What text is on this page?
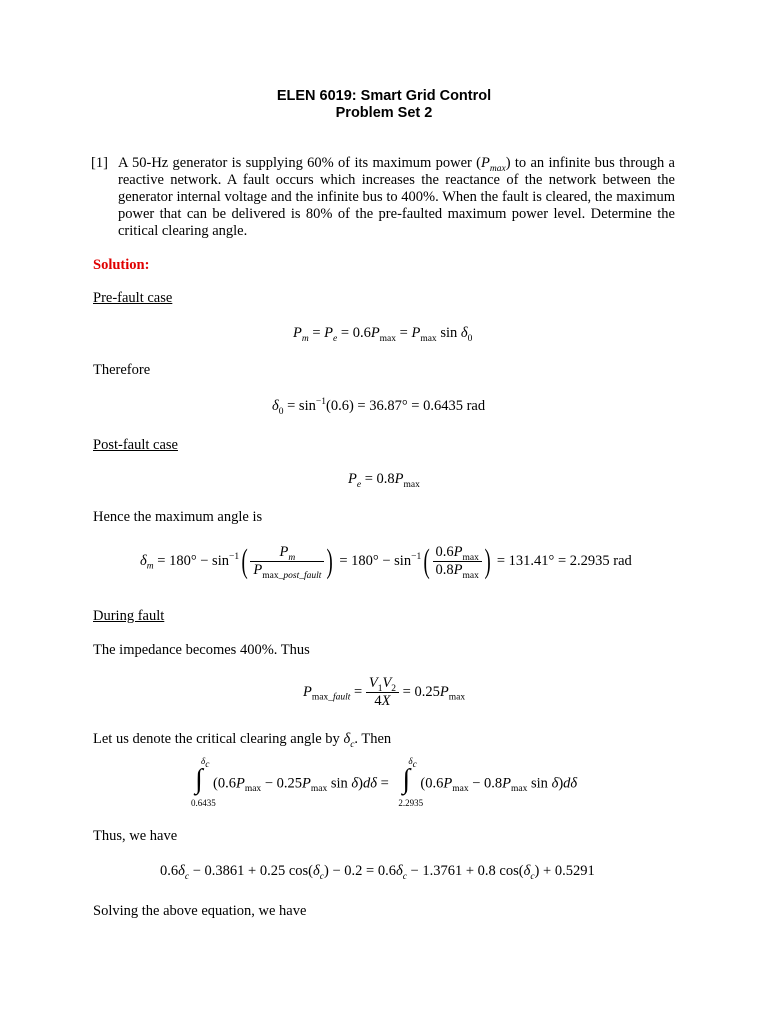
ELEN 6019: Smart Grid Control
Problem Set 2
[1] A 50-Hz generator is supplying 60% of its maximum power $(P_{max})$ to an infinite bus through a reactive network. A fault occurs which increases the reactance of the network between the generator internal voltage and the infinite bus to 400%. When the fault is cleared, the maximum power that can be delivered is 80% of the pre-faulted maximum power level. Determine the critical clearing angle.
Solution:
Pre-fault case
$P_m = P_e = 0.6P_{max} = P_{max}$ $\sin \delta_0$
Therefore
$\delta_0 = \sin^{-1}(0.6) = 36.87^\circ = 0.6435$ rad
Post-fault case
$P_e = 0.8P_{max}$
Hence the maximum angle is
$\delta_m = 180^\circ - \sin^{-1}( \frac{P_m}{P_{max\_post\_fault}}$ ) = $180^\circ - \sin^{-1}( \frac{0.6P_{max}}{0.8P_{max}}$ ) = 131.41° = 2.2935 rad
During fault
The impedance becomes 400%. Thus
$P_{max\_fault} = \frac{V_1V_2}{4X} = 0.25P_{max}$
Let us denote the critical clearing angle by $\delta_c$. Then
$\delta_c$
∫
0.6435
($0.6P_{max} - 0.25P_{max}$ sin δ)dδ =
$\delta_c$
∫
2.2935
($0.6P_{max} - 0.8P_{max}$ sin δ)dδ
Thus, we have
$0.6\delta_c - 0.3861 + 0.25$ $\cos(\delta_c) - 0.2 = 0.6\delta_c - 1.3761 + 0.8$ $\cos(\delta_c) + 0.5291$
Solving the above equation, we have
